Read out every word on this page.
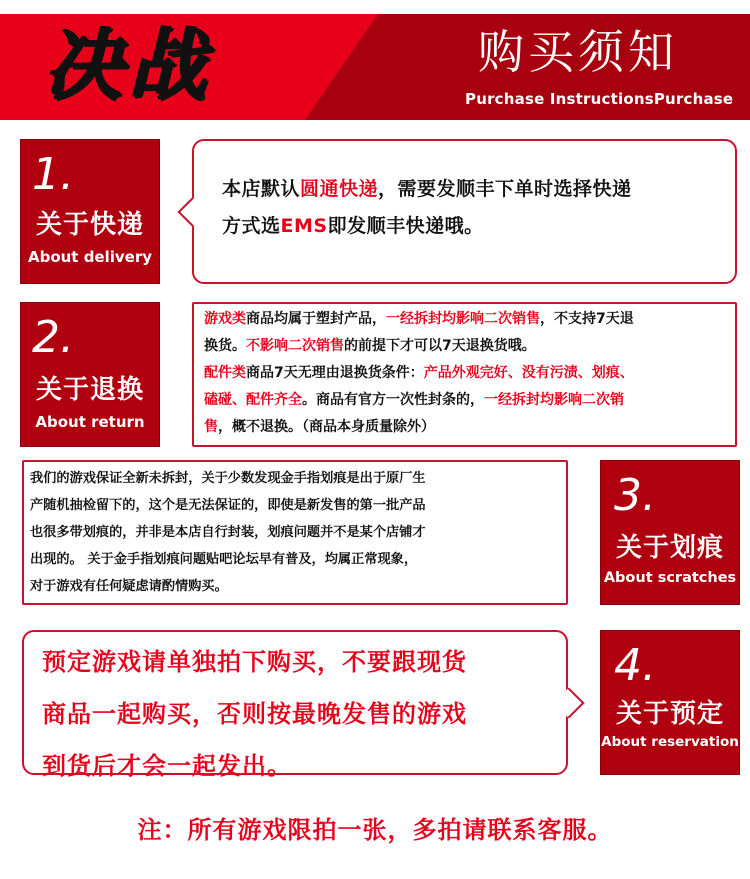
决战	购买须知
Purchase InstructionsPurchase
1.
关于快递
About delivery
本店默认圆通快递，需要发顺丰下单时选择快递
方式选EMS即发顺丰快递哦。
2.
关于退换
About return
游戏类商品均属于塑封产品，一经拆封均影响二次销售，不支持7天退
换货。不影响二次销售的前提下才可以7天退换货哦。
配件类商品7天无理由退换货条件：产品外观完好、没有污渍、划痕、
磕碰、配件齐全。商品有官方一次性封条的，一经拆封均影响二次销
售，概不退换。（商品本身质量除外）
我们的游戏保证全新未拆封，关于少数发现金手指划痕是出于原厂生
产随机抽检留下的，这个是无法保证的，即使是新发售的第一批产品
也很多带划痕的，并非是本店自行封装，划痕问题并不是某个店铺才
出现的。 关于金手指划痕问题贴吧论坛早有普及，均属正常现象，
对于游戏有任何疑虑请酌情购买。
3.
关于划痕
About scratches
预定游戏请单独拍下购买，不要跟现货
商品一起购买，否则按最晚发售的游戏
到货后才会一起发出。
4.
关于预定
About reservation
注：所有游戏限拍一张，多拍请联系客服。
